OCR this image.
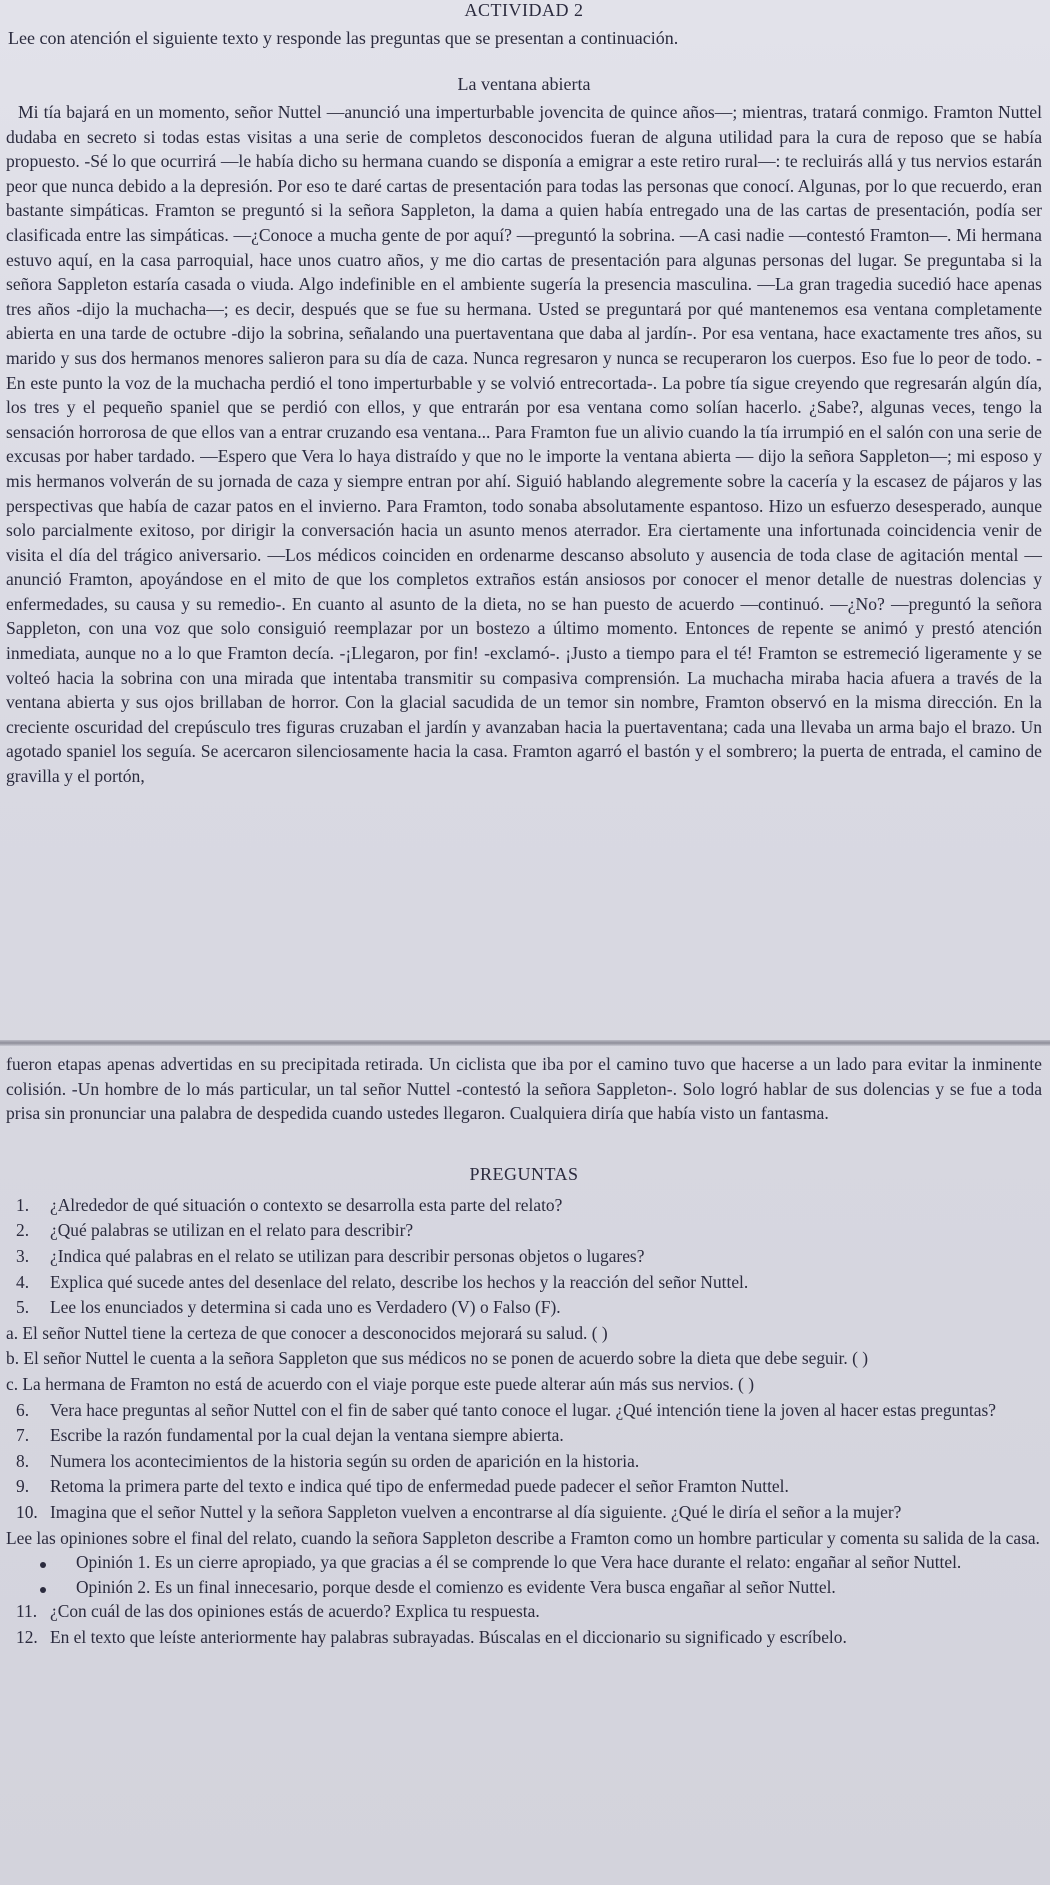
ACTIVIDAD 2

Lee con atención el siguiente texto y responde las preguntas que se presentan a continuación.

La ventana abierta

Mi tía bajará en un momento, señor Nuttel —anunció una imperturbable jovencita de quince años—; mientras, tratará conmigo. Framton Nuttel dudaba en secreto si todas estas visitas a una serie de completos desconocidos fueran de alguna utilidad para la cura de reposo que se había propuesto. -Sé lo que ocurrirá —le había dicho su hermana cuando se disponía a emigrar a este retiro rural—: te recluirás allá y tus nervios estarán peor que nunca debido a la depresión. Por eso te daré cartas de presentación para todas las personas que conocí. Algunas, por lo que recuerdo, eran bastante simpáticas. Framton se preguntó si la señora Sappleton, la dama a quien había entregado una de las cartas de presentación, podía ser clasificada entre las simpáticas. —¿Conoce a mucha gente de por aquí? —preguntó la sobrina. —A casi nadie —contestó Framton—. Mi hermana estuvo aquí, en la casa parroquial, hace unos cuatro años, y me dio cartas de presentación para algunas personas del lugar. Se preguntaba si la señora Sappleton estaría casada o viuda. Algo indefinible en el ambiente sugería la presencia masculina. —La gran tragedia sucedió hace apenas tres años -dijo la muchacha—; es decir, después que se fue su hermana. Usted se preguntará por qué mantenemos esa ventana completamente abierta en una tarde de octubre -dijo la sobrina, señalando una puertaventana que daba al jardín-. Por esa ventana, hace exactamente tres años, su marido y sus dos hermanos menores salieron para su día de caza. Nunca regresaron y nunca se recuperaron los cuerpos. Eso fue lo peor de todo. -En este punto la voz de la muchacha perdió el tono imperturbable y se volvió entrecortada-. La pobre tía sigue creyendo que regresarán algún día, los tres y el pequeño spaniel que se perdió con ellos, y que entrarán por esa ventana como solían hacerlo. ¿Sabe?, algunas veces, tengo la sensación horrorosa de que ellos van a entrar cruzando esa ventana... Para Framton fue un alivio cuando la tía irrumpió en el salón con una serie de excusas por haber tardado. —Espero que Vera lo haya distraído y que no le importe la ventana abierta — dijo la señora Sappleton—; mi esposo y mis hermanos volverán de su jornada de caza y siempre entran por ahí. Siguió hablando alegremente sobre la cacería y la escasez de pájaros y las perspectivas que había de cazar patos en el invierno. Para Framton, todo sonaba absolutamente espantoso. Hizo un esfuerzo desesperado, aunque solo parcialmente exitoso, por dirigir la conversación hacia un asunto menos aterrador. Era ciertamente una infortunada coincidencia venir de visita el día del trágico aniversario. —Los médicos coinciden en ordenarme descanso absoluto y ausencia de toda clase de agitación mental —anunció Framton, apoyándose en el mito de que los completos extraños están ansiosos por conocer el menor detalle de nuestras dolencias y enfermedades, su causa y su remedio-. En cuanto al asunto de la dieta, no se han puesto de acuerdo —continuó. —¿No? —preguntó la señora Sappleton, con una voz que solo consiguió reemplazar por un bostezo a último momento. Entonces de repente se animó y prestó atención inmediata, aunque no a lo que Framton decía. -¡Llegaron, por fin! -exclamó-. ¡Justo a tiempo para el té! Framton se estremeció ligeramente y se volteó hacia la sobrina con una mirada que intentaba transmitir su compasiva comprensión. La muchacha miraba hacia afuera a través de la ventana abierta y sus ojos brillaban de horror. Con la glacial sacudida de un temor sin nombre, Framton observó en la misma dirección. En la creciente oscuridad del crepúsculo tres figuras cruzaban el jardín y avanzaban hacia la puertaventana; cada una llevaba un arma bajo el brazo. Un agotado spaniel los seguía. Se acercaron silenciosamente hacia la casa. Framton agarró el bastón y el sombrero; la puerta de entrada, el camino de gravilla y el portón,

fueron etapas apenas advertidas en su precipitada retirada. Un ciclista que iba por el camino tuvo que hacerse a un lado para evitar la inminente colisión. -Un hombre de lo más particular, un tal señor Nuttel -contestó la señora Sappleton-. Solo logró hablar de sus dolencias y se fue a toda prisa sin pronunciar una palabra de despedida cuando ustedes llegaron. Cualquiera diría que había visto un fantasma.

PREGUNTAS

1.	¿Alrededor de qué situación o contexto se desarrolla esta parte del relato?
2.	¿Qué palabras se utilizan en el relato para describir?
3.	¿Indica qué palabras en el relato se utilizan para describir personas objetos o lugares?
4.	Explica qué sucede antes del desenlace del relato, describe los hechos y la reacción del señor Nuttel.
5.	Lee los enunciados y determina si cada uno es Verdadero (V) o Falso (F).

a. El señor Nuttel tiene la certeza de que conocer a desconocidos mejorará su salud. ( )

b. El señor Nuttel le cuenta a la señora Sappleton que sus médicos no se ponen de acuerdo sobre la dieta que debe seguir. ( )

c. La hermana de Framton no está de acuerdo con el viaje porque este puede alterar aún más sus nervios. ( )

6.	Vera hace preguntas al señor Nuttel con el fin de saber qué tanto conoce el lugar. ¿Qué intención tiene la joven al hacer estas preguntas?
7.	Escribe la razón fundamental por la cual dejan la ventana siempre abierta.
8.	Numera los acontecimientos de la historia según su orden de aparición en la historia.
9.	Retoma la primera parte del texto e indica qué tipo de enfermedad puede padecer el señor Framton Nuttel.
10. Imagina que el señor Nuttel y la señora Sappleton vuelven a encontrarse al día siguiente. ¿Qué le diría el señor a la mujer?

Lee las opiniones sobre el final del relato, cuando la señora Sappleton describe a Framton como un hombre particular y comenta su salida de la casa.

Opinión 1. Es un cierre apropiado, ya que gracias a él se comprende lo que Vera hace durante el relato: engañar al señor Nuttel.
Opinión 2. Es un final innecesario, porque desde el comienzo es evidente Vera busca engañar al señor Nuttel.
11. ¿Con cuál de las dos opiniones estás de acuerdo? Explica tu respuesta.
12. En el texto que leíste anteriormente hay palabras subrayadas. Búscalas en el diccionario su significado y escríbelo.
